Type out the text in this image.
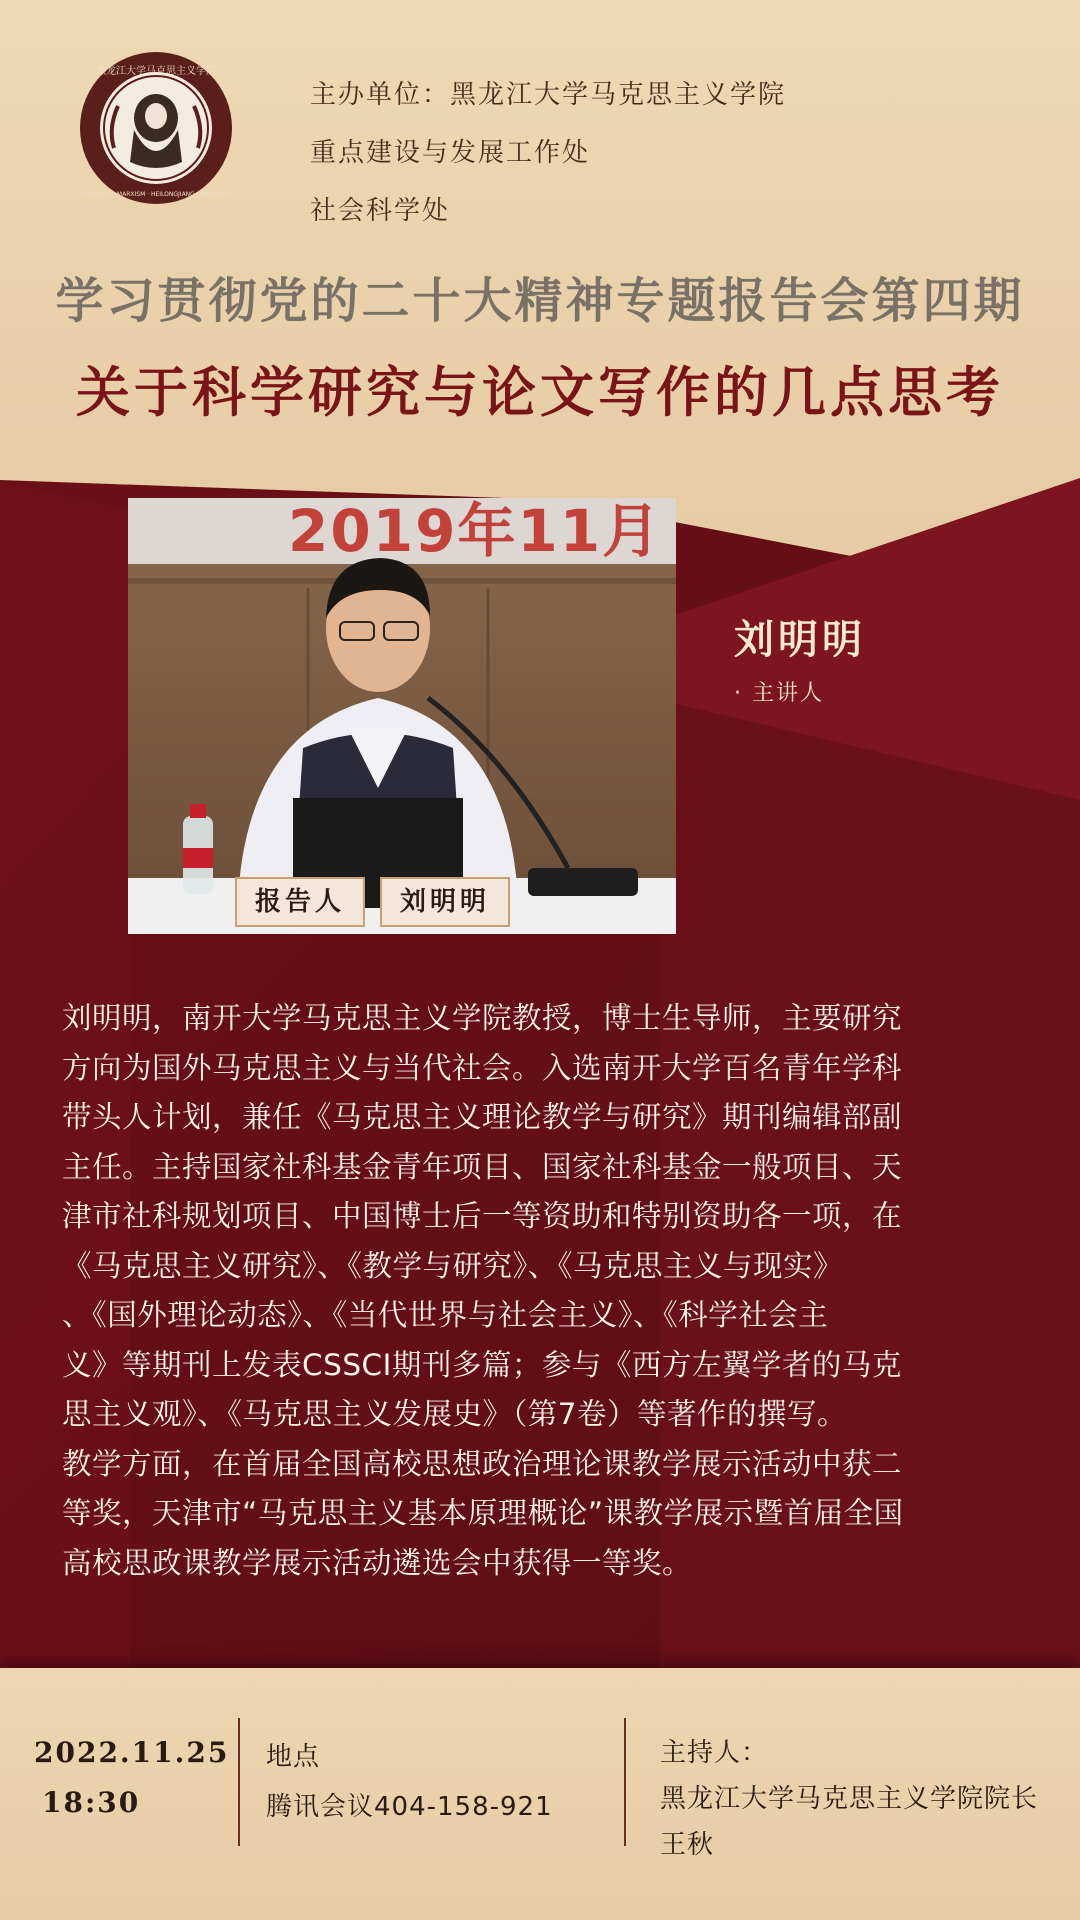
黑龙江大学马克思主义学院
SCHOOL OF MARXISM · HEILONGJIANG UNIVERSITY
主办单位：黑龙江大学马克思主义学院
重点建设与发展工作处
社会科学处
学习贯彻党的二十大精神专题报告会第四期
关于科学研究与论文写作的几点思考
2019年11月
报告人	刘明明
刘明明
· 主讲人
刘明明，南开大学马克思主义学院教授，博士生导师，主要研究
方向为国外马克思主义与当代社会。入选南开大学百名青年学科
带头人计划，兼任《马克思主义理论教学与研究》期刊编辑部副
主任。主持国家社科基金青年项目、国家社科基金一般项目、天
津市社科规划项目、中国博士后一等资助和特别资助各一项，在
《马克思主义研究》、《教学与研究》、《马克思主义与现实》
、《国外理论动态》、《当代世界与社会主义》、《科学社会主
义》等期刊上发表CSSCI期刊多篇；参与《西方左翼学者的马克
思主义观》、《马克思主义发展史》（第7卷）等著作的撰写。
教学方面，在首届全国高校思想政治理论课教学展示活动中获二
等奖，天津市“马克思主义基本原理概论”课教学展示暨首届全国
高校思政课教学展示活动遴选会中获得一等奖。
2022.11.25
18:30
地点
腾讯会议404-158-921
主持人：
黑龙江大学马克思主义学院院长
王秋
